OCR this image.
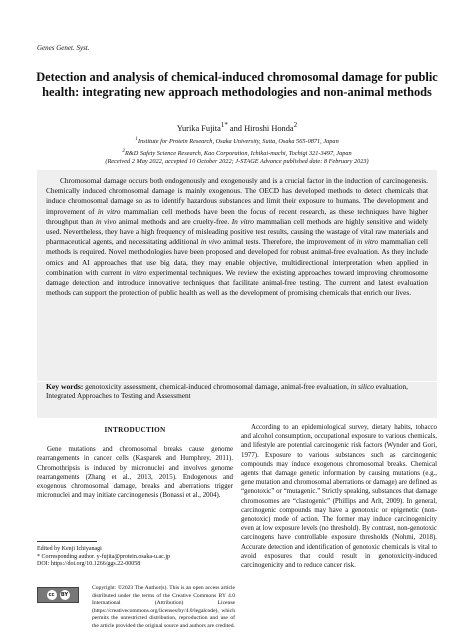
Genes Genet. Syst.
Detection and analysis of chemical-induced chromosomal damage for public health: integrating new approach methodologies and non-animal methods
Yurika Fujita$^{1*}$ and Hiroshi Honda$^2$
$^1$Institute for Protein Research, Osaka University, Suita, Osaka 565-0871, Japan
$^2$R&D Safety Science Research, Kao Corporation, Ichikai-machi, Tochigi 321-3497, Japan
(Received 2 May 2022, accepted 10 October 2022; J-STAGE Advance published date: 8 February 2023)

Chromosomal damage occurs both endogenously and exogenously and is a crucial factor in the induction of carcinogenesis. Chemically induced chromosomal damage is mainly exogenous. The OECD has developed methods to detect chemicals that induce chromosomal damage so as to identify hazardous substances and limit their exposure to humans. The development and improvement of in vitro mammalian cell methods have been the focus of recent research, as these techniques have higher throughput than in vivo animal methods and are cruelty-free. In vitro mammalian cell methods are highly sensitive and widely used. Nevertheless, they have a high frequency of misleading positive test results, causing the wastage of vital raw materials and pharmaceutical agents, and necessitating additional in vivo animal tests. Therefore, the improvement of in vitro mammalian cell methods is required. Novel methodologies have been proposed and developed for robust animal-free evaluation. As they include omics and AI approaches that use big data, they may enable objective, multidirectional interpretation when applied in combination with current in vitro experimental techniques. We review the existing approaches toward improving chromosome damage detection and introduce innovative techniques that facilitate animal-free testing. The current and latest evaluation methods can support the protection of public health as well as the development of promising chemicals that enrich our lives.

Key words: genotoxicity assessment, chemical-induced chromosomal damage, animal-free evaluation, in silico evaluation, Integrated Approaches to Testing and Assessment
INTRODUCTION

Gene mutations and chromosomal breaks cause genome rearrangements in cancer cells (Kasparek and Humphrey, 2011). Chromothripsis is induced by micronuclei and involves genome rearrangements (Zhang et al., 2013, 2015). Endogenous and exogenous chromosomal damage, breaks and aberrations trigger micronuclei and may initiate carcinogenesis (Bonassi et al., 2004).

Edited by Kenji Ichiyanagi
* Corresponding author. y-fujita@protein.osaka-u.ac.jp
DOI: https://doi.org/10.1266/ggs.22-00058
cc	BY
Copyright: ©2023 The Author(s). This is an open access article distributed under the terms of the Creative Commons BY 4.0 International (Attribution) License (https://creativecommons.org/licenses/by/4.0/legalcode), which permits the unrestricted distribution, reproduction and use of the article provided the original source and authors are credited.

According to an epidemiological survey, dietary habits, tobacco and alcohol consumption, occupational exposure to various chemicals, and lifestyle are potential carcinogenic risk factors (Wynder and Gori, 1977). Exposure to various substances such as carcinogenic compounds may induce exogenous chromosomal breaks. Chemical agents that damage genetic information by causing mutations (e.g., gene mutation and chromosomal aberrations or damage) are defined as “genotoxic” or “mutagenic.” Strictly speaking, substances that damage chromosomes are “clastogenic” (Phillips and Arlt, 2009). In general, carcinogenic compounds may have a genotoxic or epigenetic (non-genotoxic) mode of action. The former may induce carcinogenicity even at low exposure levels (no threshold). By contrast, non-genotoxic carcinogens have controllable exposure thresholds (Nohmi, 2018). Accurate detection and identification of genotoxic chemicals is vital to avoid exposures that could result in genotoxicity-induced carcinogenicity and to reduce cancer risk.
